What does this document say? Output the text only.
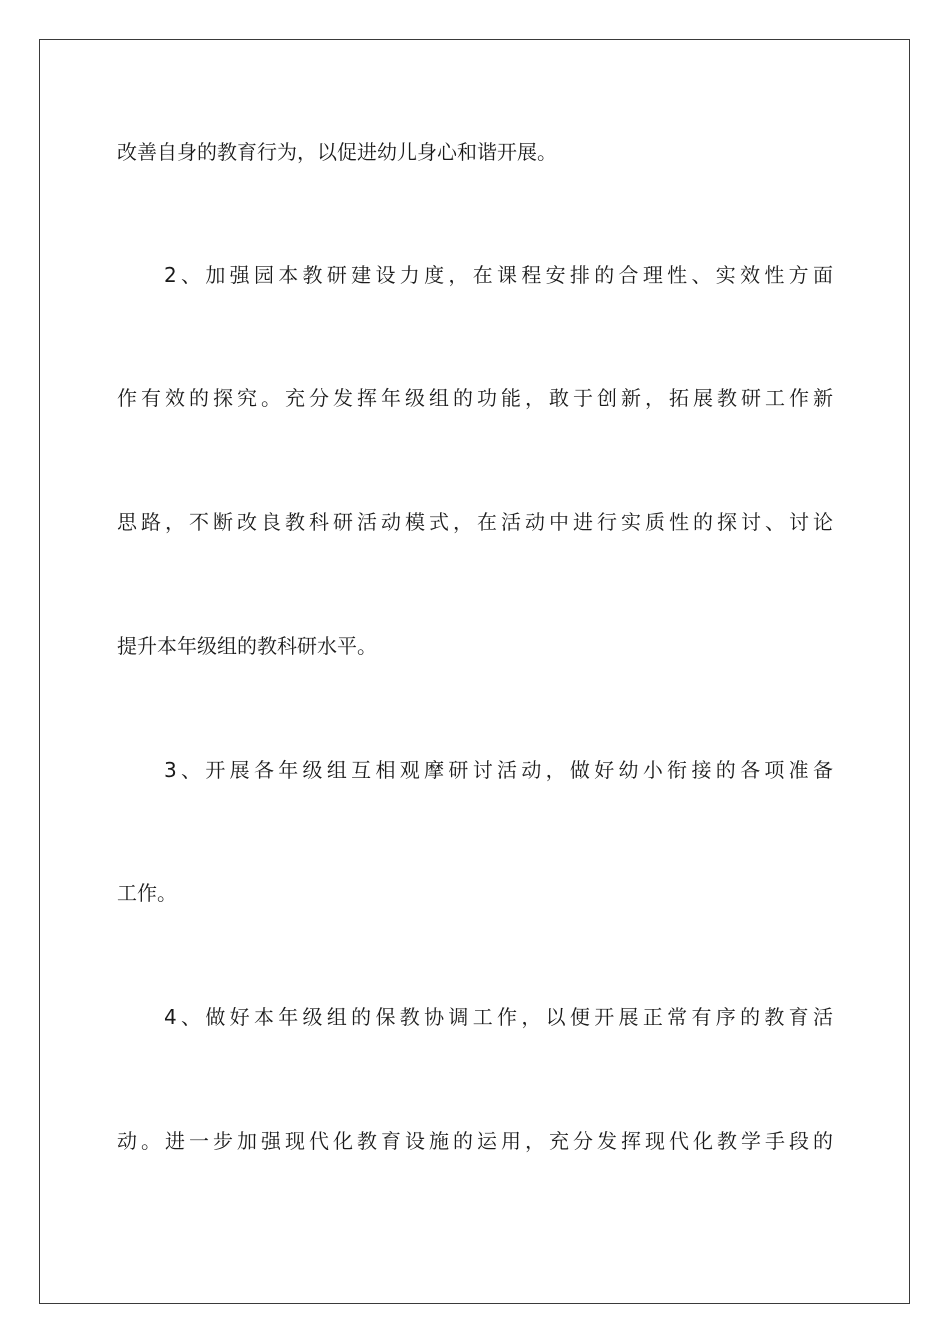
改善自身的教育行为，以促进幼儿身心和谐开展。
2、加强园本教研建设力度，在课程安排的合理性、实效性方面
作有效的探究。充分发挥年级组的功能，敢于创新，拓展教研工作新
思路，不断改良教科研活动模式，在活动中进行实质性的探讨、讨论
提升本年级组的教科研水平。
3、开展各年级组互相观摩研讨活动，做好幼小衔接的各项准备
工作。
4、做好本年级组的保教协调工作，以便开展正常有序的教育活
动。进一步加强现代化教育设施的运用，充分发挥现代化教学手段的
